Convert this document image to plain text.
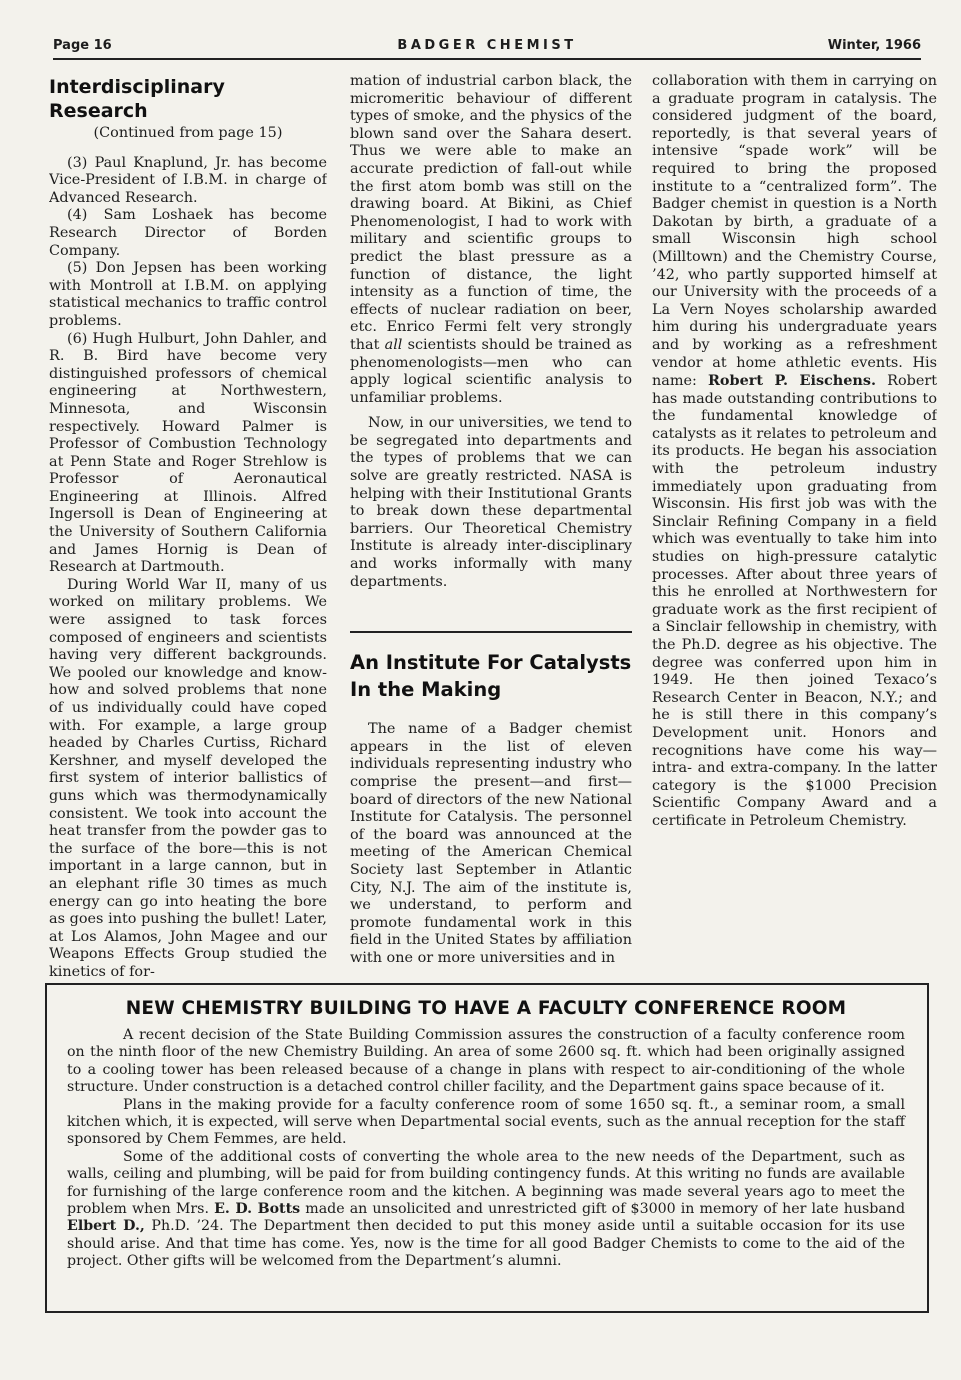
Page 16	BADGER CHEMIST	Winter, 1966
Interdisciplinary Research
(Continued from page 15)

(3) Paul Knaplund, Jr. has become Vice-President of I.B.M. in charge of Advanced Research.

(4) Sam Loshaek has become Research Director of Borden Company.

(5) Don Jepsen has been working with Montroll at I.B.M. on applying statistical mechanics to traffic control problems.

(6) Hugh Hulburt, John Dahler, and R. B. Bird have become very distinguished professors of chemical engineering at Northwestern, Minnesota, and Wisconsin respectively. Howard Palmer is Professor of Combustion Technology at Penn State and Roger Strehlow is Professor of Aeronautical Engineering at Illinois. Alfred Ingersoll is Dean of Engineering at the University of Southern California and James Hornig is Dean of Research at Dartmouth.

During World War II, many of us worked on military problems. We were assigned to task forces composed of engineers and scientists having very different backgrounds. We pooled our knowledge and know-how and solved problems that none of us individually could have coped with. For example, a large group headed by Charles Curtiss, Richard Kershner, and myself developed the first system of interior ballistics of guns which was thermodynamically consistent. We took into account the heat transfer from the powder gas to the surface of the bore—this is not important in a large cannon, but in an elephant rifle 30 times as much energy can go into heating the bore as goes into pushing the bullet! Later, at Los Alamos, John Magee and our Weapons Effects Group studied the kinetics of for-

mation of industrial carbon black, the micromeritic behaviour of different types of smoke, and the physics of the blown sand over the Sahara desert. Thus we were able to make an accurate prediction of fall-out while the first atom bomb was still on the drawing board. At Bikini, as Chief Phenomenologist, I had to work with military and scientific groups to predict the blast pressure as a function of distance, the light intensity as a function of time, the effects of nuclear radiation on beer, etc. Enrico Fermi felt very strongly that all scientists should be trained as phenomenologists—men who can apply logical scientific analysis to unfamiliar problems.

Now, in our universities, we tend to be segregated into departments and the types of problems that we can solve are greatly restricted. NASA is helping with their Institutional Grants to break down these departmental barriers. Our Theoretical Chemistry Institute is already inter-disciplinary and works informally with many departments.

An Institute For Catalysts
In the Making

The name of a Badger chemist appears in the list of eleven individuals representing industry who comprise the present—and first—board of directors of the new National Institute for Catalysis. The personnel of the board was announced at the meeting of the American Chemical Society last September in Atlantic City, N.J. The aim of the institute is, we understand, to perform and promote fundamental work in this field in the United States by affiliation with one or more universities and in

collaboration with them in carrying on a graduate program in catalysis. The considered judgment of the board, reportedly, is that several years of intensive “spade work” will be required to bring the proposed institute to a “centralized form”. The Badger chemist in question is a North Dakotan by birth, a graduate of a small Wisconsin high school (Milltown) and the Chemistry Course, ’42, who partly supported himself at our University with the proceeds of a La Vern Noyes scholarship awarded him during his undergraduate years and by working as a refreshment vendor at home athletic events. His name: Robert P. Eischens. Robert has made outstanding contributions to the fundamental knowledge of catalysts as it relates to petroleum and its products. He began his association with the petroleum industry immediately upon graduating from Wisconsin. His first job was with the Sinclair Refining Company in a field which was eventually to take him into studies on high-pressure catalytic processes. After about three years of this he enrolled at Northwestern for graduate work as the first recipient of a Sinclair fellowship in chemistry, with the Ph.D. degree as his objective. The degree was conferred upon him in 1949. He then joined Texaco’s Research Center in Beacon, N.Y.; and he is still there in this company’s Development unit. Honors and recognitions have come his way—intra- and extra-company. In the latter category is the $1000 Precision Scientific Company Award and a certificate in Petroleum Chemistry.

NEW CHEMISTRY BUILDING TO HAVE A FACULTY CONFERENCE ROOM

A recent decision of the State Building Commission assures the construction of a faculty conference room on the ninth floor of the new Chemistry Building. An area of some 2600 sq. ft. which had been originally assigned to a cooling tower has been released because of a change in plans with respect to air-conditioning of the whole structure. Under construction is a detached control chiller facility, and the Department gains space because of it.

Plans in the making provide for a faculty conference room of some 1650 sq. ft., a seminar room, a small kitchen which, it is expected, will serve when Departmental social events, such as the annual reception for the staff sponsored by Chem Femmes, are held.

Some of the additional costs of converting the whole area to the new needs of the Department, such as walls, ceiling and plumbing, will be paid for from building contingency funds. At this writing no funds are available for furnishing of the large conference room and the kitchen. A beginning was made several years ago to meet the problem when Mrs. E. D. Botts made an unsolicited and unrestricted gift of $3000 in memory of her late husband Elbert D., Ph.D. ’24. The Department then decided to put this money aside until a suitable occasion for its use should arise. And that time has come. Yes, now is the time for all good Badger Chemists to come to the aid of the project. Other gifts will be welcomed from the Department’s alumni.
